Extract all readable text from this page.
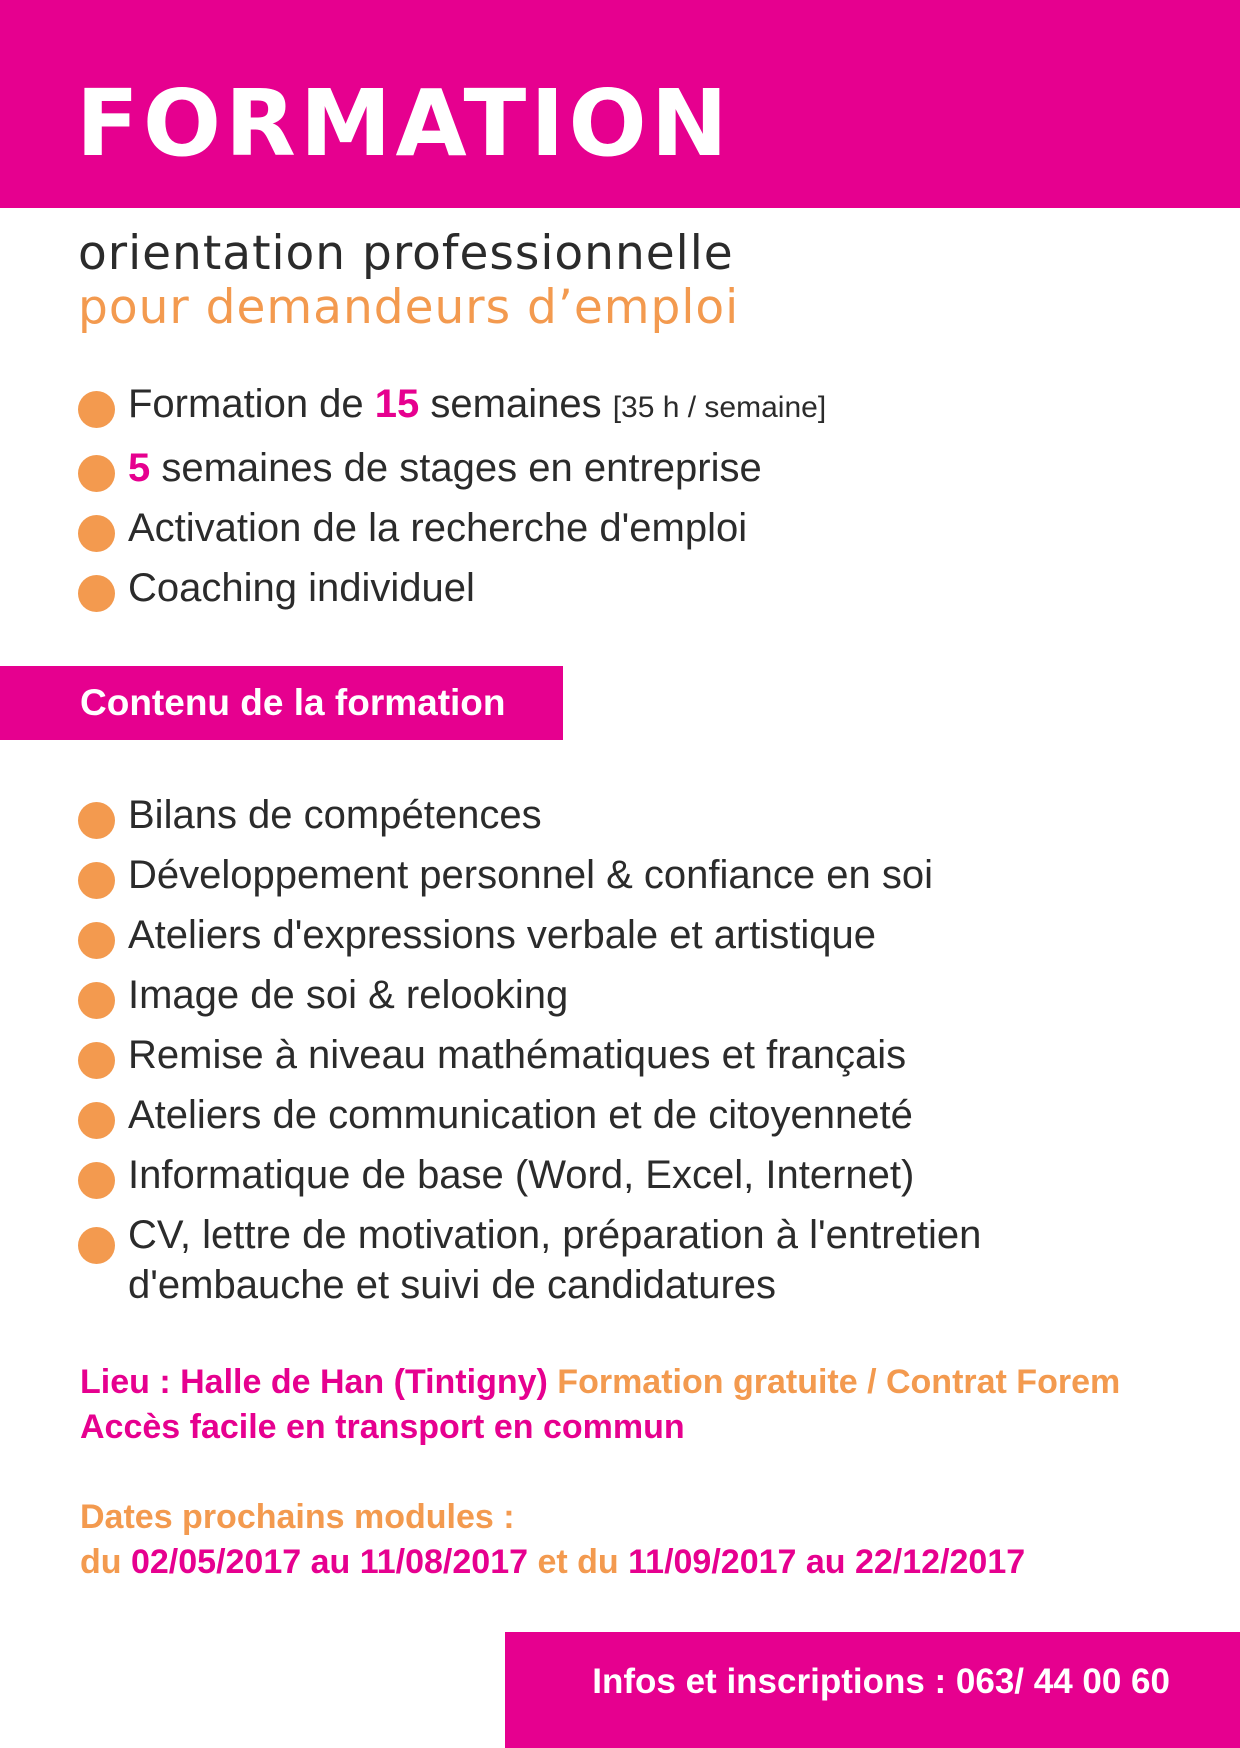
FORMATION
orientation professionnelle
pour demandeurs d’emploi
Formation de 15 semaines [35 h / semaine]
5 semaines de stages en entreprise
Activation de la recherche d'emploi
Coaching individuel
Contenu de la formation
Bilans de compétences
Développement personnel & confiance en soi
Ateliers d'expressions verbale et artistique
Image de soi & relooking
Remise à niveau mathématiques et français
Ateliers de communication et de citoyenneté
Informatique de base (Word, Excel, Internet)
CV, lettre de motivation, préparation à l'entretien d'embauche et suivi de candidatures
Lieu : Halle de Han (Tintigny) Formation gratuite / Contrat Forem
Accès facile en transport en commun
Dates prochains modules :
du 02/05/2017 au 11/08/2017 et du 11/09/2017 au 22/12/2017
Infos et inscriptions : 063/ 44 00 60
